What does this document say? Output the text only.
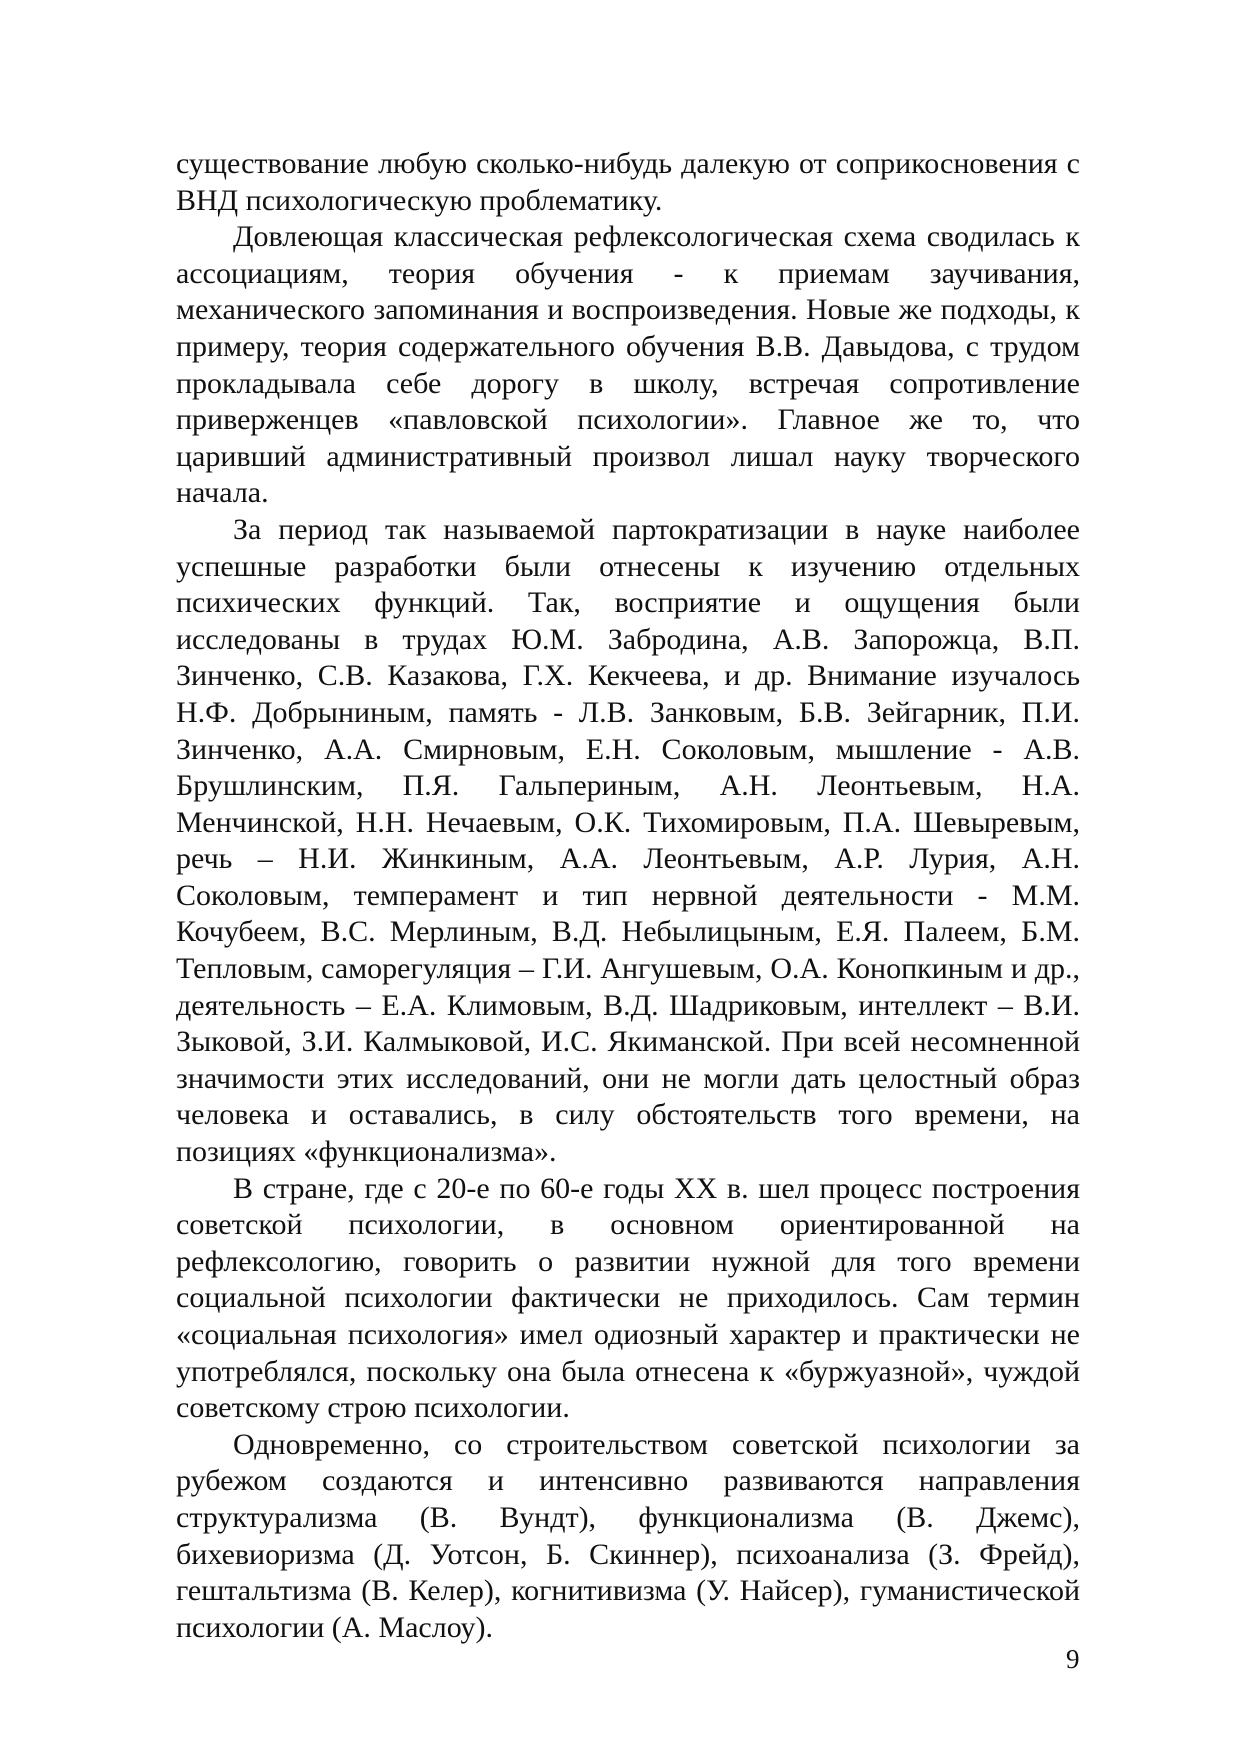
существование любую сколько-нибудь далекую от соприкосновения с ВНД психологическую проблематику.

Довлеющая классическая рефлексологическая схема сводилась к ассоциациям, теория обучения - к приемам заучивания, механического запоминания и воспроизведения. Новые же подходы, к примеру, теория содержательного обучения В.В. Давыдова, с трудом прокладывала себе дорогу в школу, встречая сопротивление приверженцев «павловской психологии». Главное же то, что царивший административный произвол лишал науку творческого начала.

За период так называемой партократизации в науке наиболее успешные разработки были отнесены к изучению отдельных психических функций. Так, восприятие и ощущения были исследованы в трудах Ю.М. Забродина, А.В. Запорожца, В.П. Зинченко, С.В. Казакова, Г.Х. Кекчеева, и др. Внимание изучалось Н.Ф. Добрыниным, память - Л.В. Занковым, Б.В. Зейгарник, П.И. Зинченко, А.А. Смирновым, Е.Н. Соколовым, мышление - А.В. Брушлинским, П.Я. Гальпериным, А.Н. Леонтьевым, Н.А. Менчинской, Н.Н. Нечаевым, О.К. Тихомировым, П.А. Шевыревым, речь – Н.И. Жинкиным, А.А. Леонтьевым, А.Р. Лурия, А.Н. Соколовым, темперамент и тип нервной деятельности - М.М. Кочубеем, В.С. Мерлиным, В.Д. Небылицыным, Е.Я. Палеем, Б.М. Тепловым, саморегуляция – Г.И. Ангушевым, О.А. Конопкиным и др., деятельность – Е.А. Климовым, В.Д. Шадриковым, интеллект – В.И. Зыковой, З.И. Калмыковой, И.С. Якиманской. При всей несомненной значимости этих исследований, они не могли дать целостный образ человека и оставались, в силу обстоятельств того времени, на позициях «функционализма».

В стране, где с 20-е по 60-е годы XX в. шел процесс построения советской психологии, в основном ориентированной на рефлексологию, говорить о развитии нужной для того времени социальной психологии фактически не приходилось. Сам термин «социальная психология» имел одиозный характер и практически не употреблялся, поскольку она была отнесена к «буржуазной», чуждой советскому строю психологии.

Одновременно, со строительством советской психологии за рубежом создаются и интенсивно развиваются направления структурализма (В. Вундт), функционализма (В. Джемс), бихевиоризма (Д. Уотсон, Б. Скиннер), психоанализа (З. Фрейд), гештальтизма (В. Келер), когнитивизма (У. Найсер), гуманистической психологии (А. Маслоу).

9
